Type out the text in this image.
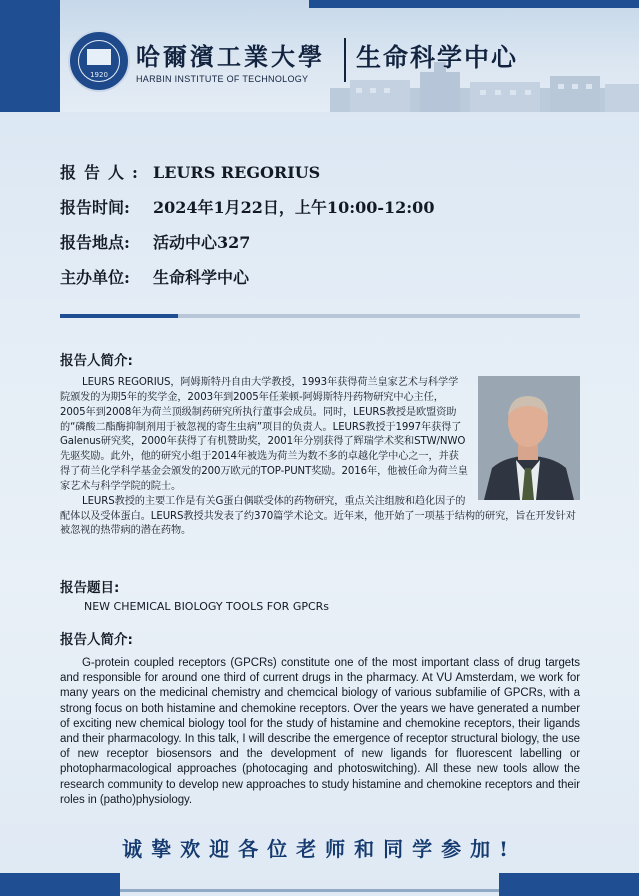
1920
哈爾濱工業大學
HARBIN INSTITUTE OF TECHNOLOGY
生命科学中心
报告人: LEURS REGORIUS
报告时间: 2024年1月22日，上午10:00-12:00
报告地点: 活动中心327
主办单位: 生命科学中心
报告人简介:

LEURS REGORIUS，阿姆斯特丹自由大学教授，1993年获得荷兰皇家艺术与科学学院颁发的为期5年的奖学金，2003年到2005年任莱顿-阿姆斯特丹药物研究中心主任，2005年到2008年为荷兰顶级制药研究所执行董事会成员。同时，LEURS教授是欧盟资助的“磷酸二酯酶抑制剂用于被忽视的寄生虫病”项目的负责人。LEURS教授于1997年获得了Galenus研究奖，2000年获得了有机赞助奖，2001年分别获得了辉瑞学术奖和STW/NWO先驱奖励。此外，他的研究小组于2014年被选为荷兰为数不多的卓越化学中心之一，并获得了荷兰化学科学基金会颁发的200万欧元的TOP-PUNT奖励。2016年，他被任命为荷兰皇家艺术与科学学院的院士。

LEURS教授的主要工作是有关G蛋白偶联受体的药物研究，重点关注组胺和趋化因子的配体以及受体蛋白。LEURS教授共发表了约370篇学术论文。近年来，他开始了一项基于结构的研究，旨在开发针对被忽视的热带病的潜在药物。

报告题目:
NEW CHEMICAL BIOLOGY TOOLS FOR GPCRs
报告人简介:

G-protein coupled receptors (GPCRs) constitute one of the most important class of drug targets and responsible for around one third of current drugs in the pharmacy. At VU Amsterdam, we work for many years on the medicinal chemistry and chemcical biology of various subfamilie of GPCRs, with a strong focus on both histamine and chemokine receptors. Over the years we have generated a number of exciting new chemical biology tool for the study of histamine and chemokine receptors, their ligands and their pharmacology. In this talk, I will describe the emergence of receptor structural biology, the use of new receptor biosensors and the development of new ligands for fluorescent labelling or photopharmacological approaches (photocaging and photoswitching). All these new tools allow the research community to develop new approaches to study histamine and chemokine receptors and their roles in (patho)physiology.

诚挚欢迎各位老师和同学参加!
